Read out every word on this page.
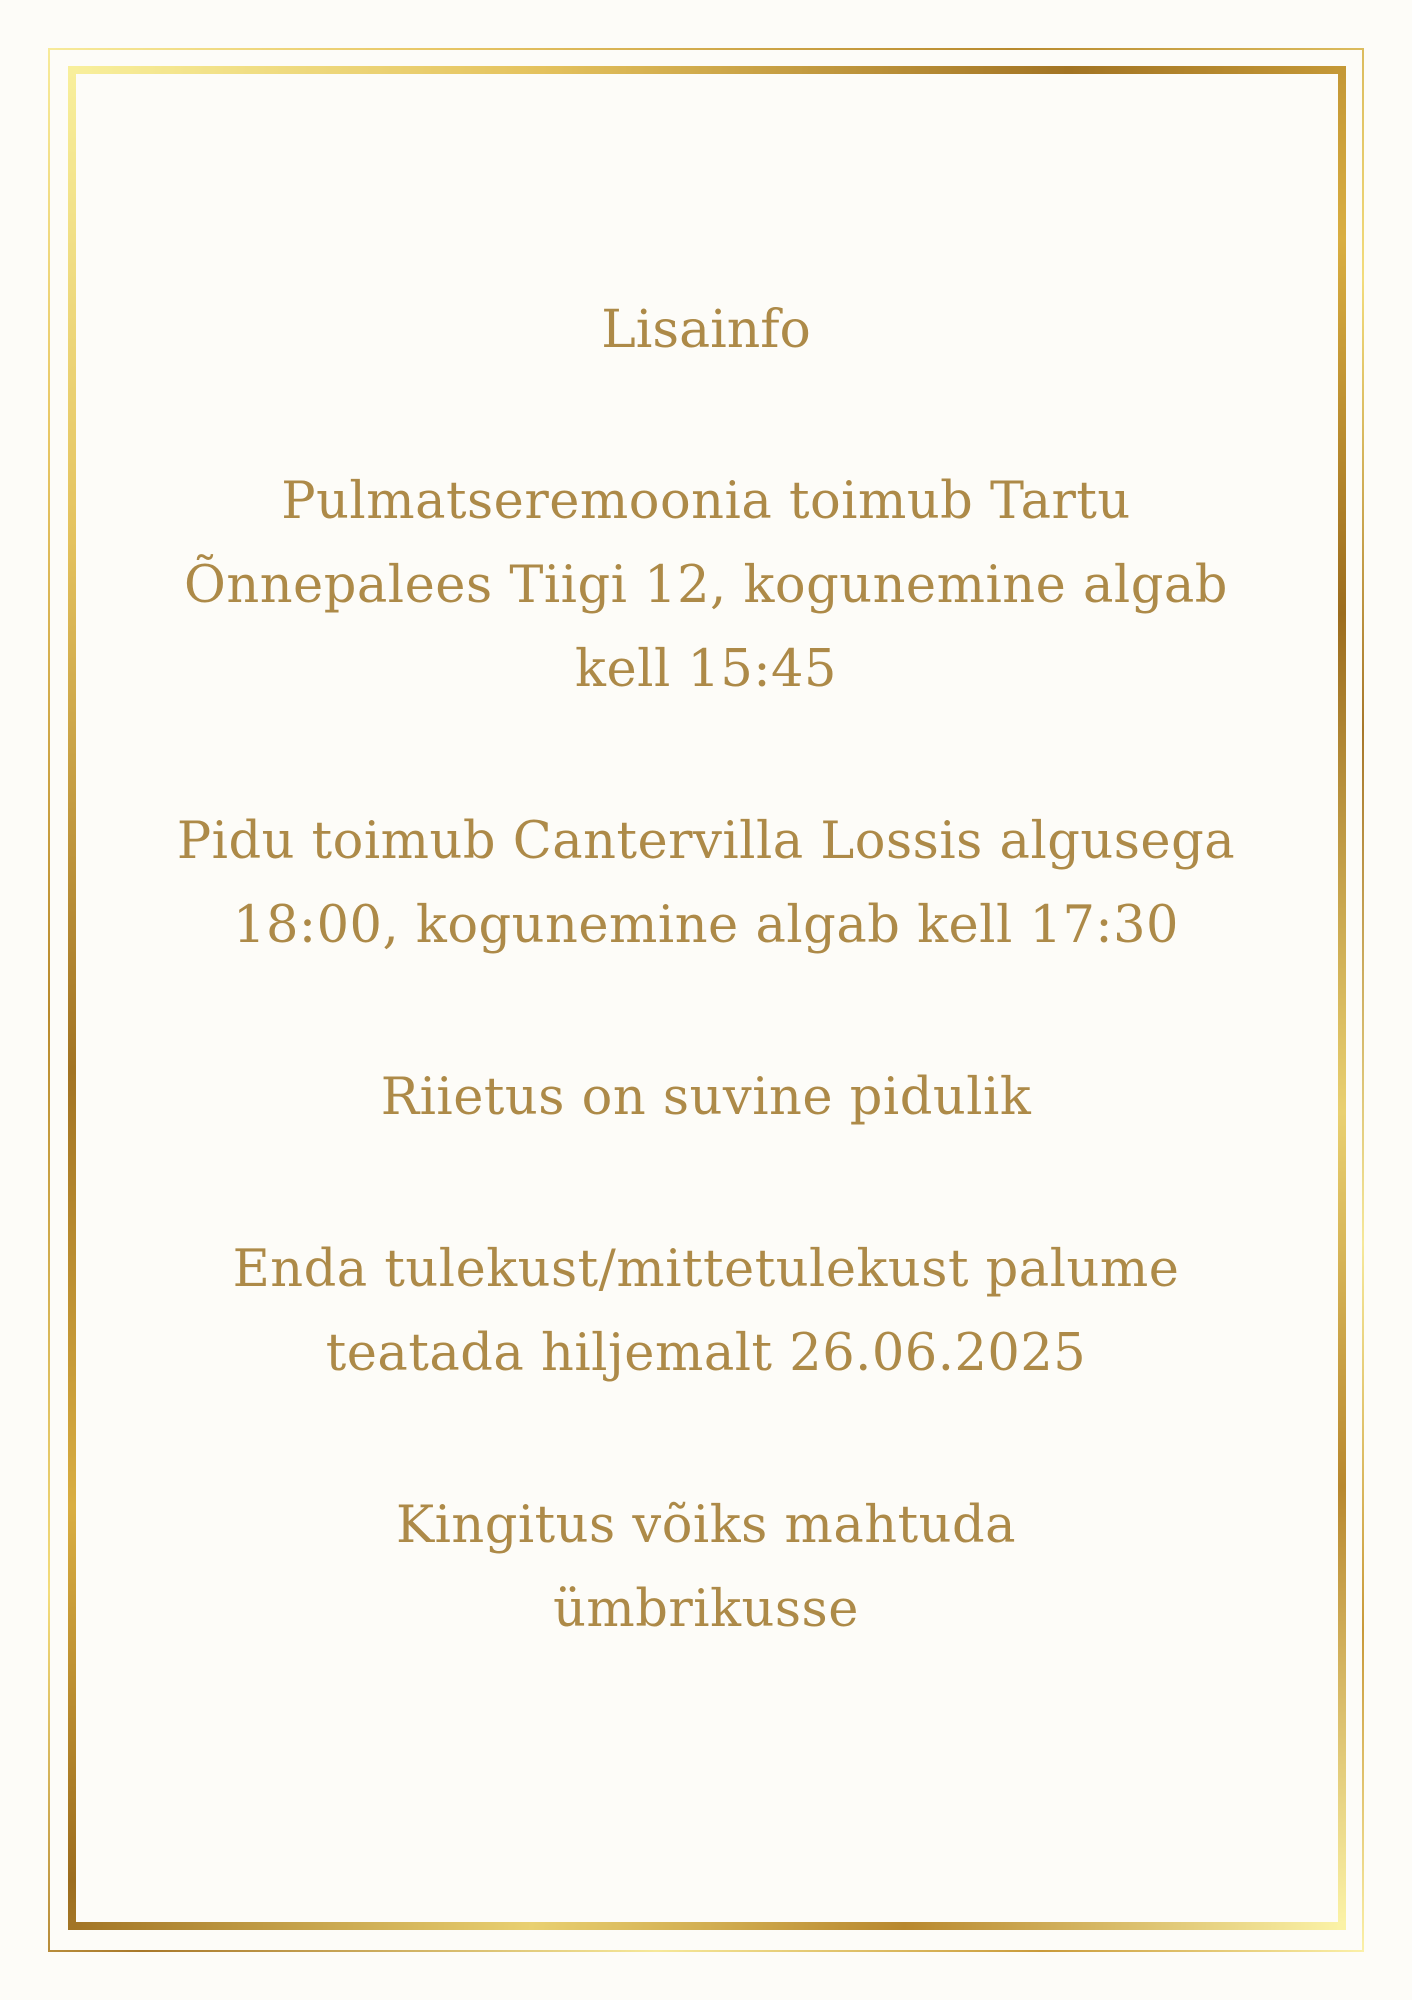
Lisainfo

Pulmatseremoonia toimub Tartu
Õnnepalees Tiigi 12, kogunemine algab
kell 15:45

Pidu toimub Cantervilla Lossis algusega
18:00, kogunemine algab kell 17:30

Riietus on suvine pidulik

Enda tulekust/mittetulekust palume
teatada hiljemalt 26.06.2025

Kingitus võiks mahtuda
ümbrikusse
